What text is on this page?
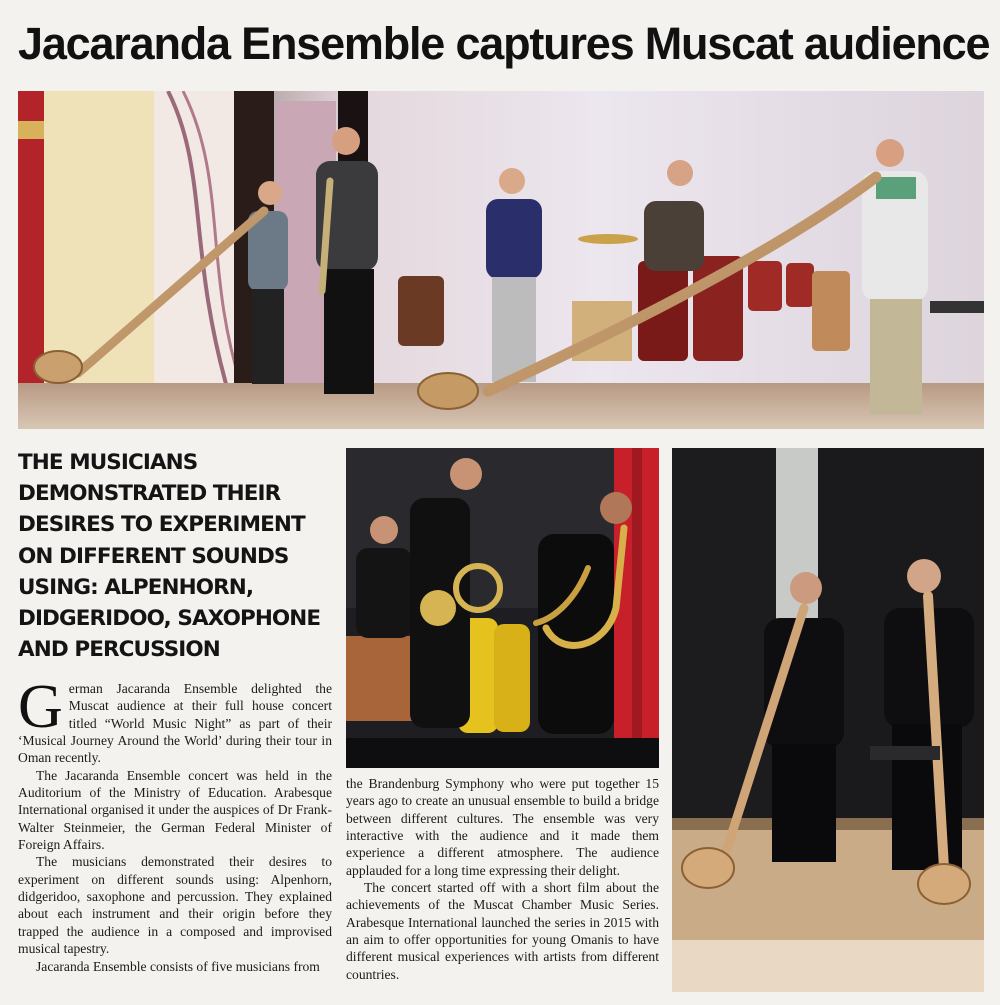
Jacaranda Ensemble captures Muscat audience
THE MUSICIANS DEMONSTRATED THEIR DESIRES TO EXPERIMENT ON DIFFERENT SOUNDS USING: ALPENHORN, DIDGERIDOO, SAXOPHONE AND PERCUSSION

German Jacaranda Ensemble delighted the Muscat audience at their full house concert titled “World Music Night” as part of their ‘Musical Journey Around the World’ during their tour in Oman recently.

The Jacaranda Ensemble concert was held in the Auditorium of the Ministry of Education. Arabesque International organised it under the auspices of Dr Frank-Walter Steinmeier, the German Federal Minister of Foreign Affairs.

The musicians demonstrated their desires to experiment on different sounds using: Alpenhorn, didgeridoo, saxophone and percussion. They explained about each instrument and their origin before they trapped the audience in a composed and improvised musical tapestry.

Jacaranda Ensemble consists of five musicians from

the Brandenburg Symphony who were put together 15 years ago to create an unusual ensemble to build a bridge between different cultures. The ensemble was very interactive with the audience and it made them experience a different atmosphere. The audience applauded for a long time expressing their delight.

The concert started off with a short film about the achievements of the Muscat Chamber Music Series. Arabesque International launched the series in 2015 with an aim to offer opportunities for young Omanis to have different musical experiences with artists from different countries.
